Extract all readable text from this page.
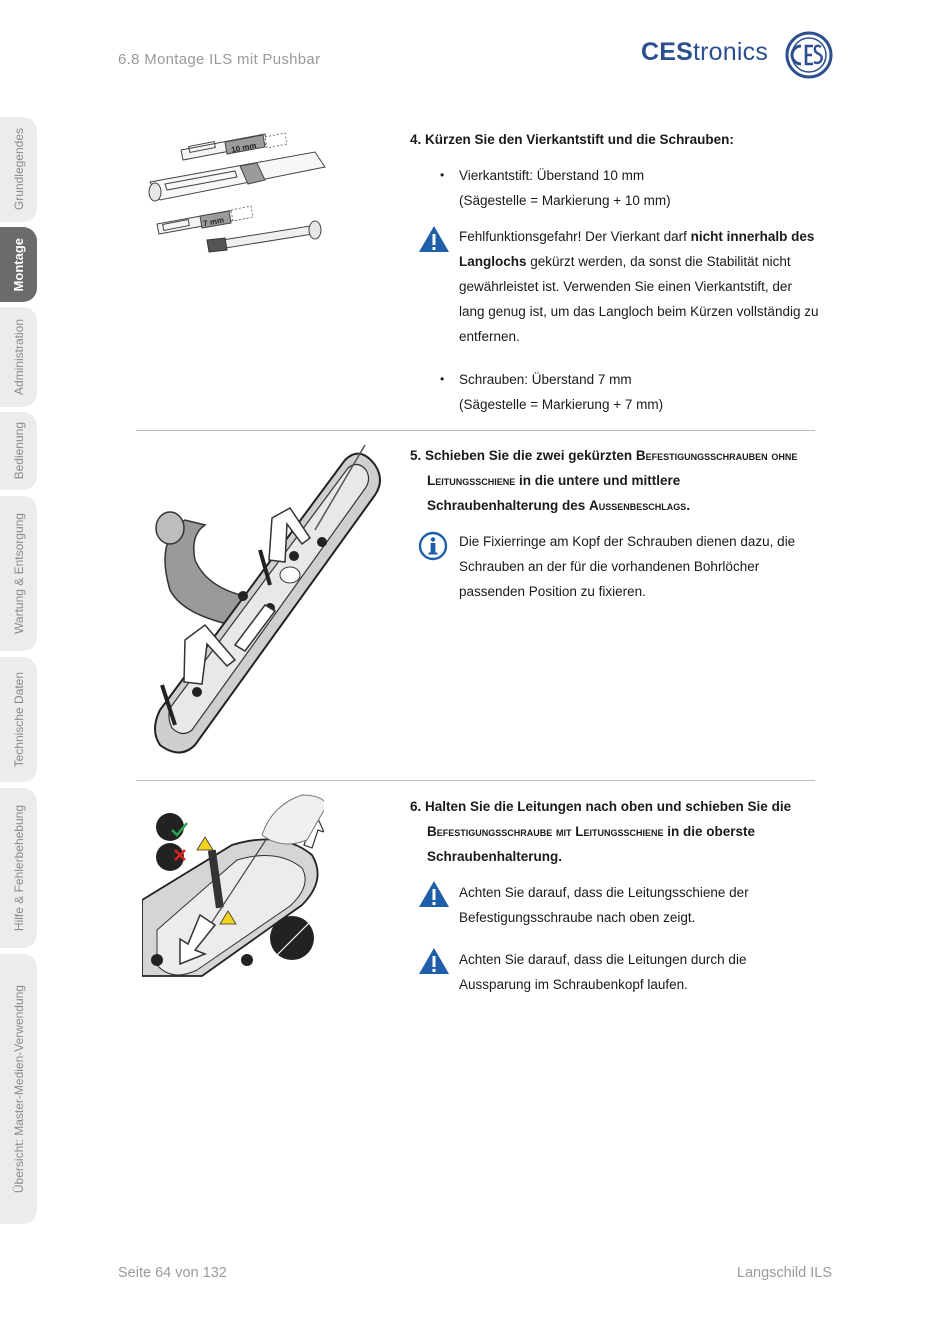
6.8 Montage ILS mit Pushbar	CEStronics
Grundlegendes
Montage
Administration
Bedienung
Wartung & Entsorgung
Technische Daten
Hilfe & Fehlerbehebung
Übersicht: Master-Medien-Verwendung
10 mm
7 mm
4. Kürzen Sie den Vierkantstift und die Schrauben:
• Vierkantstift: Überstand 10 mm
(Sägestelle = Markierung + 10 mm)
Fehlfunktionsgefahr! Der Vierkant darf nicht innerhalb des Langlochs gekürzt werden, da sonst die Stabilität nicht gewährleistet ist. Verwenden Sie einen Vierkantstift, der lang genug ist, um das Langloch beim Kürzen vollständig zu entfernen.
• Schrauben: Überstand 7 mm
(Sägestelle = Markierung + 7 mm)
5. Schieben Sie die zwei gekürzten Befestigungsschrauben ohne
Leitungsschiene in die untere und mittlere
Schraubenhalterung des Außenbeschlags.
Die Fixierringe am Kopf der Schrauben dienen dazu, die Schrauben an der für die vorhandenen Bohrlöcher passenden Position zu fixieren.
6. Halten Sie die Leitungen nach oben und schieben Sie die
Befestigungsschraube mit Leitungsschiene in die oberste
Schraubenhalterung.
Achten Sie darauf, dass die Leitungsschiene der Befestigungsschraube nach oben zeigt.
Achten Sie darauf, dass die Leitungen durch die Aussparung im Schraubenkopf laufen.
Seite 64 von 132	Langschild ILS
